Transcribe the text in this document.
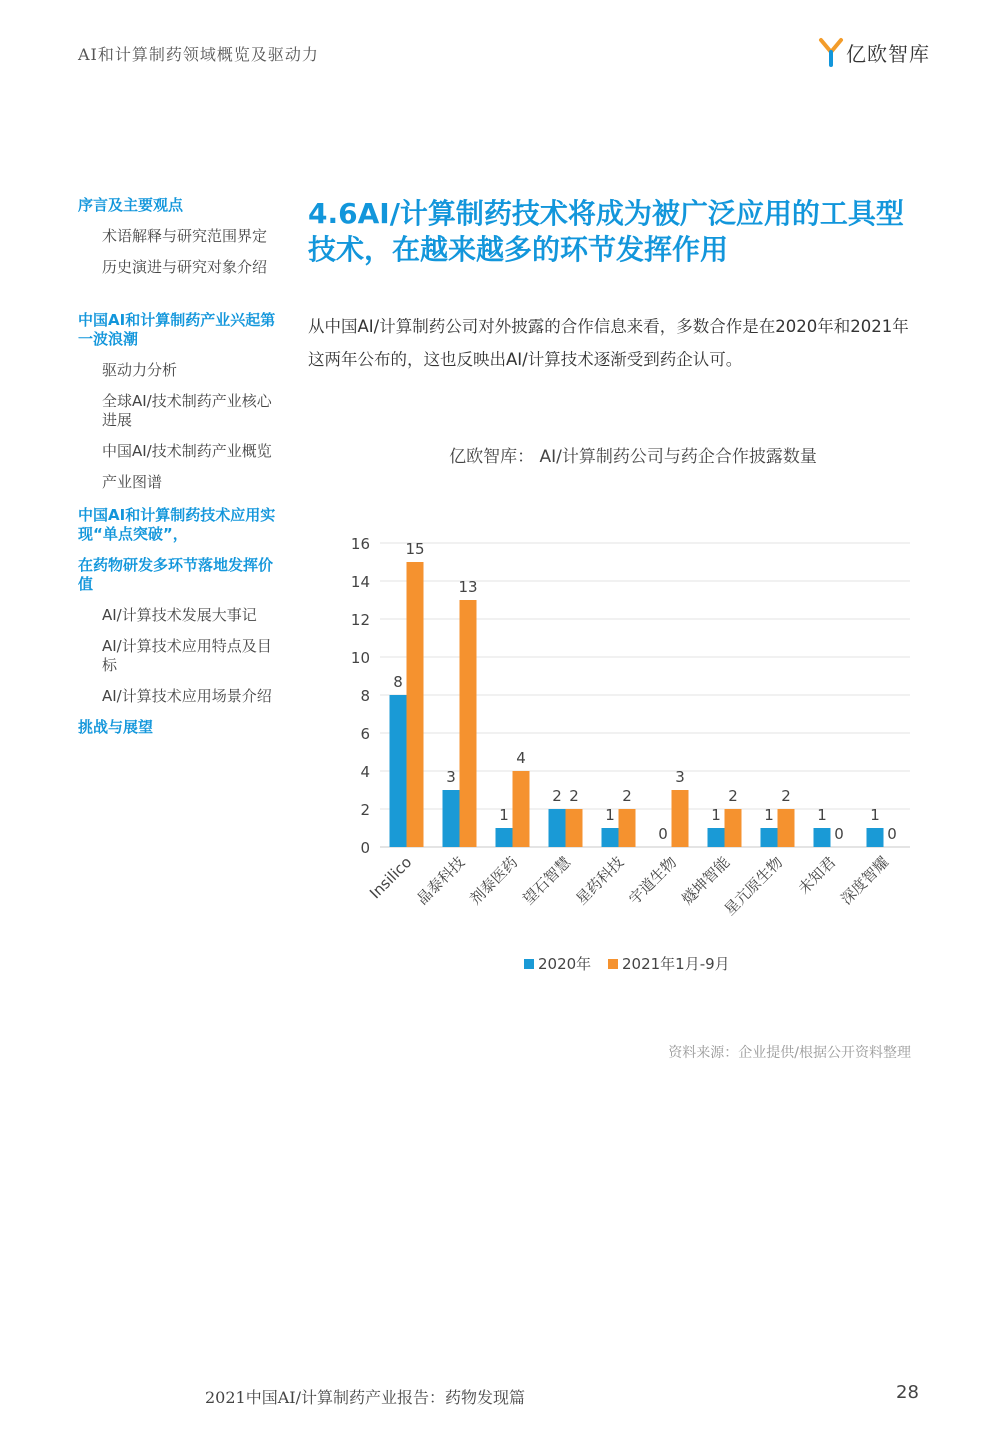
AI和计算制药领域概览及驱动力	亿欧智库
序言及主要观点
术语解释与研究范围界定
历史演进与研究对象介绍
中国AI和计算制药产业兴起第一波浪潮
驱动力分析
全球AI/技术制药产业核心进展
中国AI/技术制药产业概览
产业图谱
中国AI和计算制药技术应用实现“单点突破”，
在药物研发多环节落地发挥价值
AI/计算技术发展大事记
AI/计算技术应用特点及目标
AI/计算技术应用场景介绍
挑战与展望
4.6AI/计算制药技术将成为被广泛应用的工具型技术，在越来越多的环节发挥作用
从中国AI/计算制药公司对外披露的合作信息来看，多数合作是在2020年和2021年这两年公布的，这也反映出AI/计算技术逐渐受到药企认可。
亿欧智库： AI/计算制药公司与药企合作披露数量
0
2
4
6
8
10
12
14
16
8
15
Insilico
3
13
晶泰科技
1
4
剂泰医药
2 2
望石智慧
1
2
星药科技
0
3
宇道生物
1
2
燧坤智能
1
2
星亢原生物
1
0
未知君
1
0
深度智耀
2020年 2021年1月-9月
资料来源：企业提供/根据公开资料整理
2021中国AI/计算制药产业报告：药物发现篇	28
